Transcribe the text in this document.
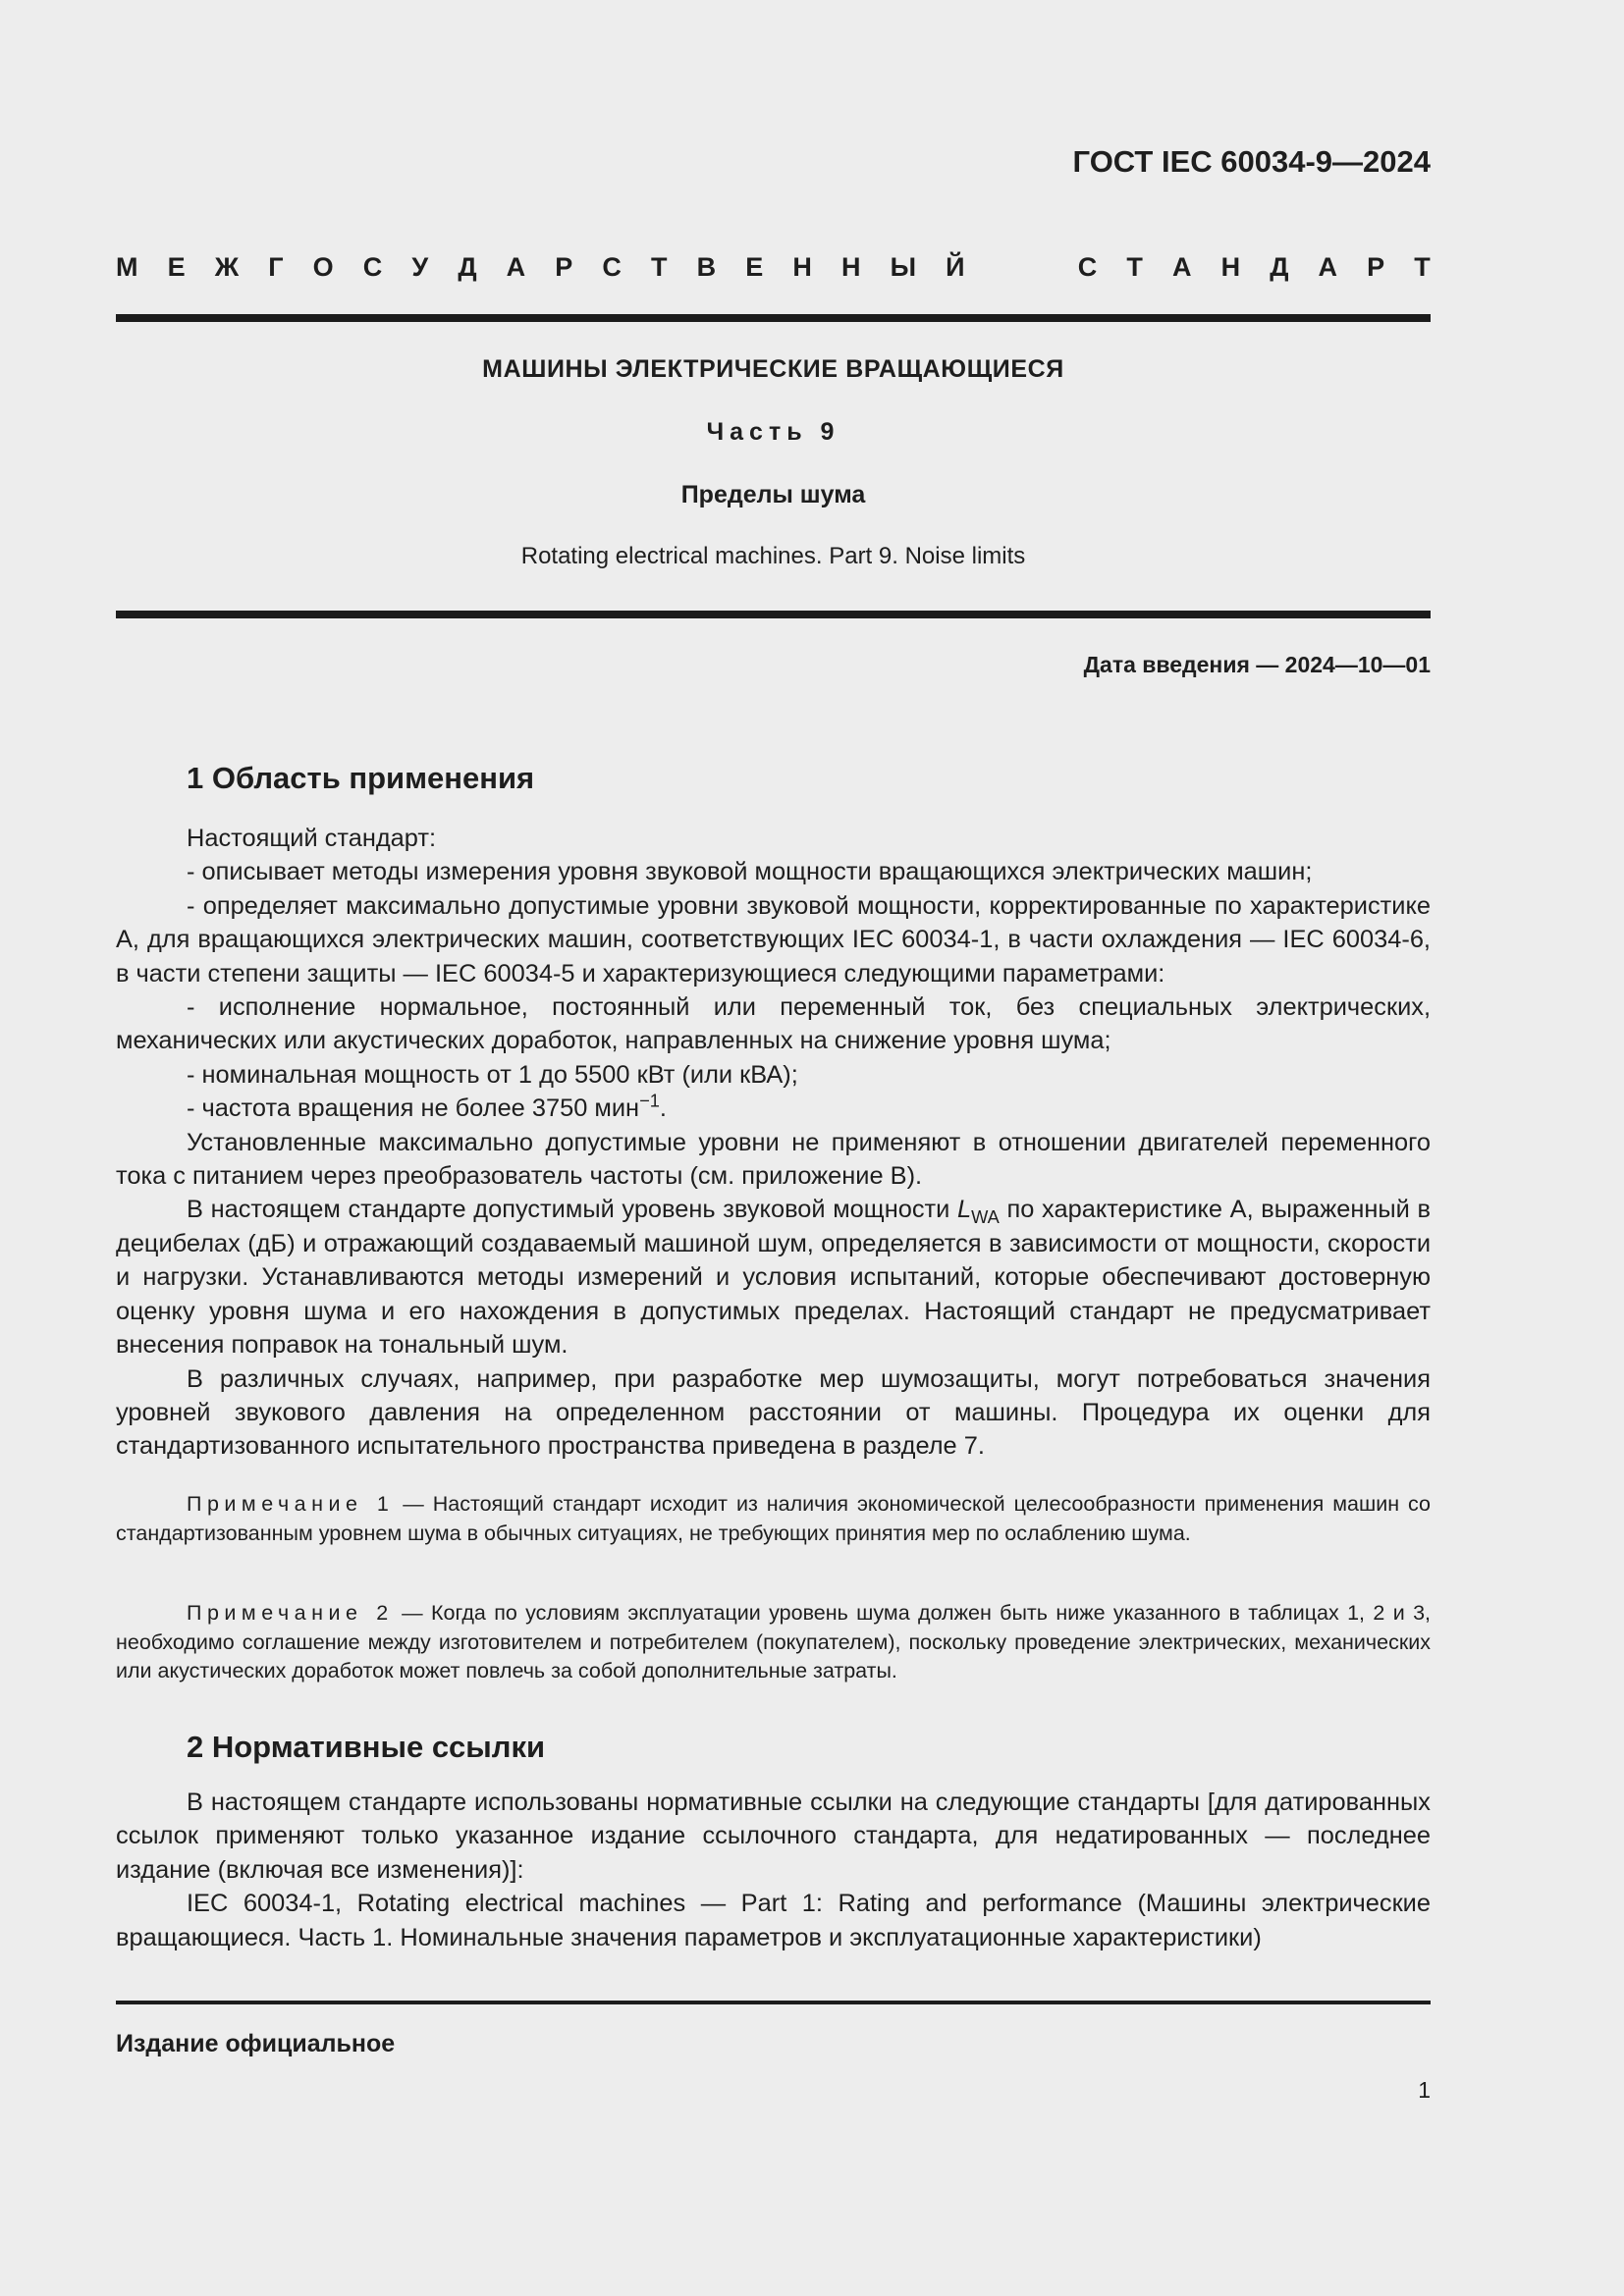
ГОСТ IEC 60034-9—2024
М Е Ж Г О С У Д А Р С Т В Е Н Н Ы Й	С Т А Н Д А Р Т
МАШИНЫ ЭЛЕКТРИЧЕСКИЕ ВРАЩАЮЩИЕСЯ
Часть 9
Пределы шума
Rotating electrical machines. Part 9. Noise limits
Дата введения — 2024—10—01
1 Область применения

Настоящий стандарт:

- описывает методы измерения уровня звуковой мощности вращающихся электрических машин;

- определяет максимально допустимые уровни звуковой мощности, корректированные по характеристике А, для вращающихся электрических машин, соответствующих IEC 60034-1, в части охлаждения — IEC 60034-6, в части степени защиты — IEC 60034-5 и характеризующиеся следующими параметрами:

- исполнение нормальное, постоянный или переменный ток, без специальных электрических, механических или акустических доработок, направленных на снижение уровня шума;

- номинальная мощность от 1 до 5500 кВт (или кВА);

- частота вращения не более 3750 мин$^{-1}$.

Установленные максимально допустимые уровни не применяют в отношении двигателей переменного тока с питанием через преобразователь частоты (см. приложение В).

В настоящем стандарте допустимый уровень звуковой мощности $L_{WA}$ по характеристике А, выраженный в децибелах (дБ) и отражающий создаваемый машиной шум, определяется в зависимости от мощности, скорости и нагрузки. Устанавливаются методы измерений и условия испытаний, которые обеспечивают достоверную оценку уровня шума и его нахождения в допустимых пределах. Настоящий стандарт не предусматривает внесения поправок на тональный шум.

В различных случаях, например, при разработке мер шумозащиты, могут потребоваться значения уровней звукового давления на определенном расстоянии от машины. Процедура их оценки для стандартизованного испытательного пространства приведена в разделе 7.

Примечание 1 — Настоящий стандарт исходит из наличия экономической целесообразности применения машин со стандартизованным уровнем шума в обычных ситуациях, не требующих принятия мер по ослаблению шума.
Примечание 2 — Когда по условиям эксплуатации уровень шума должен быть ниже указанного в таблицах 1, 2 и 3, необходимо соглашение между изготовителем и потребителем (покупателем), поскольку проведение электрических, механических или акустических доработок может повлечь за собой дополнительные затраты.
2 Нормативные ссылки

В настоящем стандарте использованы нормативные ссылки на следующие стандарты [для датированных ссылок применяют только указанное издание ссылочного стандарта, для недатированных — последнее издание (включая все изменения)]:

IEC 60034-1, Rotating electrical machines — Part 1: Rating and performance (Машины электрические вращающиеся. Часть 1. Номинальные значения параметров и эксплуатационные характеристики)

Издание официальное
1
